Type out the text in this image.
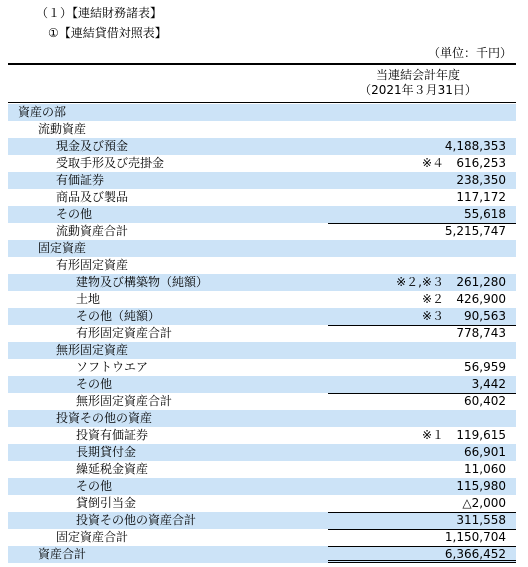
（１）【連結財務諸表】
①【連結貸借対照表】
（単位：千円）
当連結会計年度
（2021年３月31日）
資産の部
流動資産
現金及び預金	4,188,353
受取手形及び売掛金	※４ 616,253
有価証券	238,350
商品及び製品	117,172
その他	55,618
流動資産合計	5,215,747
固定資産
有形固定資産
建物及び構築物（純額）	※２,※３ 261,280
土地	※２ 426,900
その他（純額）	※３ 90,563
有形固定資産合計	778,743
無形固定資産
ソフトウエア	56,959
その他	3,442
無形固定資産合計	60,402
投資その他の資産
投資有価証券	※１ 119,615
長期貸付金	66,901
繰延税金資産	11,060
その他	115,980
貸倒引当金	△2,000
投資その他の資産合計	311,558
固定資産合計	1,150,704
資産合計	6,366,452
